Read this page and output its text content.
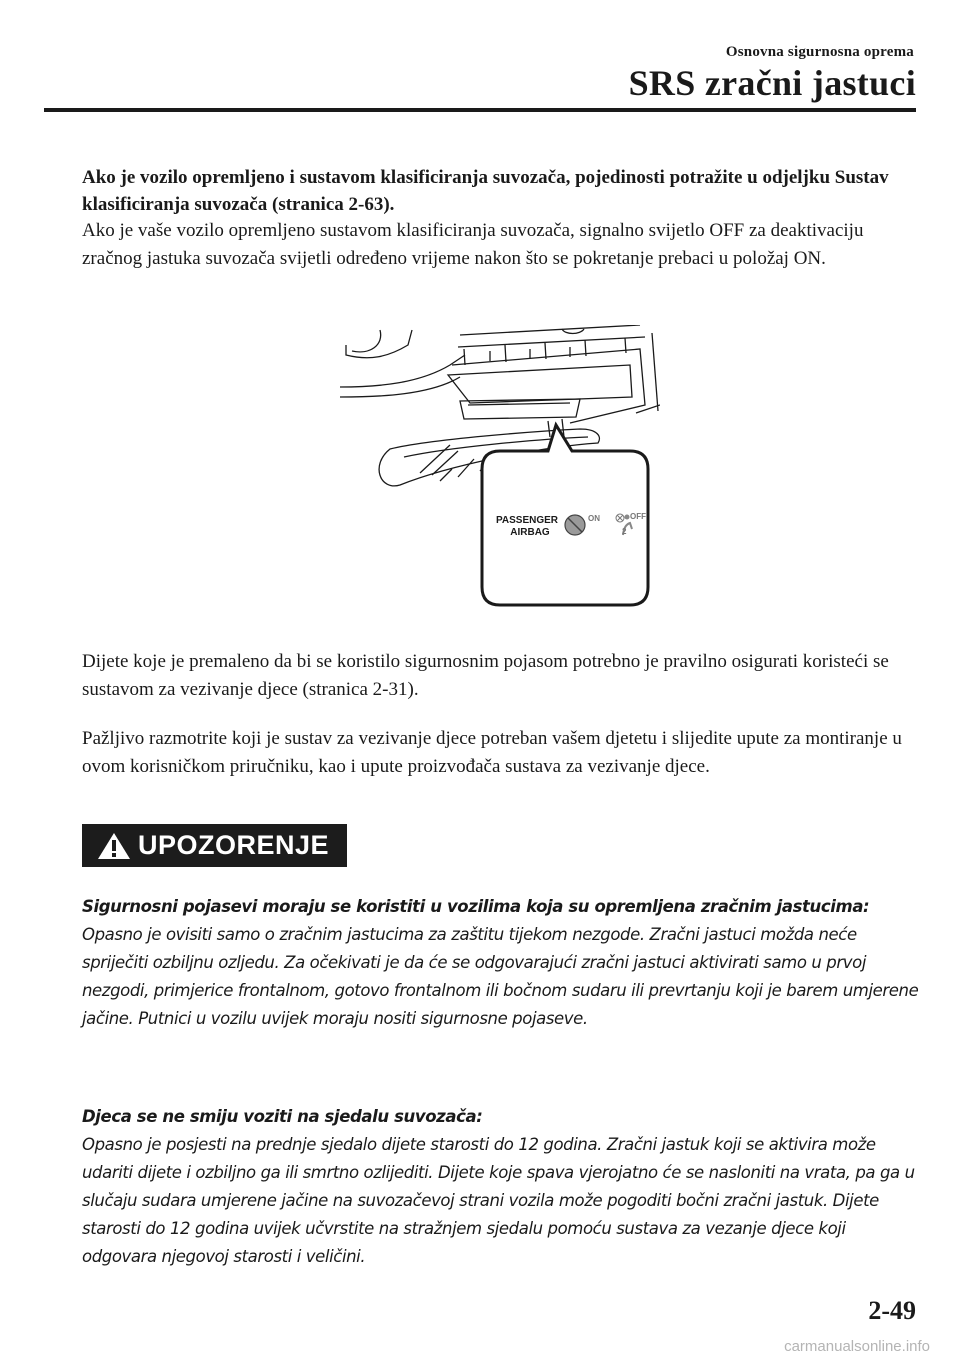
Osnovna sigurnosna oprema
SRS zračni jastuci

Ako je vozilo opremljeno i sustavom klasificiranja suvozača, pojedinosti potražite u odjeljku Sustav klasificiranja suvozača (stranica 2-63).

Ako je vaše vozilo opremljeno sustavom klasificiranja suvozača, signalno svijetlo OFF za deaktivaciju zračnog jastuka suvozača svijetli određeno vrijeme nakon što se pokretanje prebaci u položaj ON.

PASSENGER
AIRBAG
ON	OFF
2

Dijete koje je premaleno da bi se koristilo sigurnosnim pojasom potrebno je pravilno osigurati koristeći se sustavom za vezivanje djece (stranica 2-31).

Pažljivo razmotrite koji je sustav za vezivanje djece potreban vašem djetetu i slijedite upute za montiranje u ovom korisničkom priručniku, kao i upute proizvođača sustava za vezivanje djece.

UPOZORENJE

Sigurnosni pojasevi moraju se koristiti u vozilima koja su opremljena zračnim jastucima:
Opasno je ovisiti samo o zračnim jastucima za zaštitu tijekom nezgode. Zračni jastuci možda neće spriječiti ozbiljnu ozljedu. Za očekivati je da će se odgovarajući zračni jastuci aktivirati samo u prvoj nezgodi, primjerice frontalnom, gotovo frontalnom ili bočnom sudaru ili prevrtanju koji je barem umjerene jačine. Putnici u vozilu uvijek moraju nositi sigurnosne pojaseve.

Djeca se ne smiju voziti na sjedalu suvozača:
Opasno je posjesti na prednje sjedalo dijete starosti do 12 godina. Zračni jastuk koji se aktivira može udariti dijete i ozbiljno ga ili smrtno ozlijediti. Dijete koje spava vjerojatno će se nasloniti na vrata, pa ga u slučaju sudara umjerene jačine na suvozačevoj strani vozila može pogoditi bočni zračni jastuk. Dijete starosti do 12 godina uvijek učvrstite na stražnjem sjedalu pomoću sustava za vezanje djece koji odgovara njegovoj starosti i veličini.

2-49
carmanualsonline.info
